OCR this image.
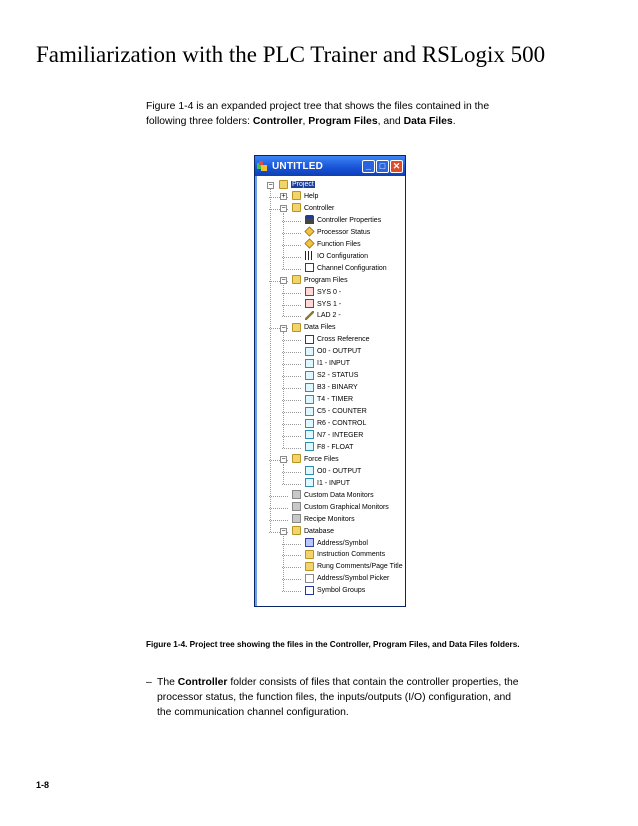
Familiarization with the PLC Trainer and RSLogix 500
Figure 1-4 is an expanded project tree that shows the files contained in the following three folders: Controller, Program Files, and Data Files.
UNTITLED	_ □ ✕
Project
−
Help
+
Controller
−
Controller Properties
Processor Status
Function Files
IO Configuration
Channel Configuration
Program Files
−
SYS 0 -
SYS 1 -
LAD 2 -
Data Files
−
Cross Reference
O0 - OUTPUT
I1 - INPUT
S2 - STATUS
B3 - BINARY
T4 - TIMER
C5 - COUNTER
R6 - CONTROL
N7 - INTEGER
F8 - FLOAT
Force Files
−
O0 - OUTPUT
I1 - INPUT
Custom Data Monitors
Custom Graphical Monitors
Recipe Monitors
Database
−
Address/Symbol
Instruction Comments
Rung Comments/Page Title
Address/Symbol Picker
Symbol Groups
Figure 1-4. Project tree showing the files in the Controller, Program Files, and Data Files folders.
– The Controller folder consists of files that contain the controller properties, the processor status, the function files, the inputs/outputs (I/O) configuration, and the communication channel configuration.
1-8
